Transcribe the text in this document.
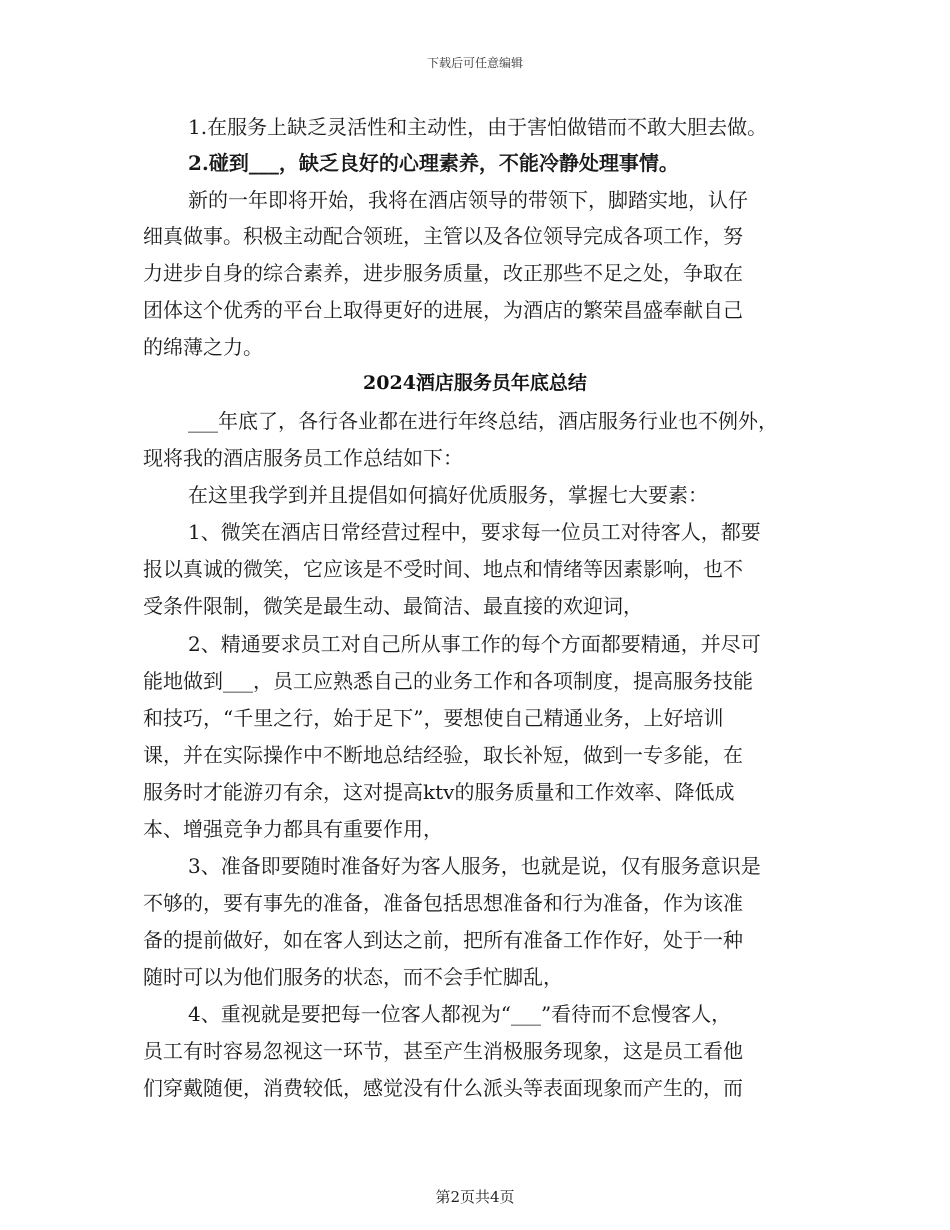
下载后可任意编辑
1.在服务上缺乏灵活性和主动性，由于害怕做错而不敢大胆去做。
2.碰到___，缺乏良好的心理素养，不能冷静处理事情。
新的一年即将开始，我将在酒店领导的带领下，脚踏实地，认仔
细真做事。积极主动配合领班，主管以及各位领导完成各项工作，努
力进步自身的综合素养，进步服务质量，改正那些不足之处，争取在
团体这个优秀的平台上取得更好的进展，为酒店的繁荣昌盛奉献自己
的绵薄之力。
2024酒店服务员年底总结
___年底了，各行各业都在进行年终总结，酒店服务行业也不例外，
现将我的酒店服务员工作总结如下：
在这里我学到并且提倡如何搞好优质服务，掌握七大要素：
1、微笑在酒店日常经营过程中，要求每一位员工对待客人，都要
报以真诚的微笑，它应该是不受时间、地点和情绪等因素影响，也不
受条件限制，微笑是最生动、最简洁、最直接的欢迎词，
2、精通要求员工对自己所从事工作的每个方面都要精通，并尽可
能地做到___，员工应熟悉自己的业务工作和各项制度，提高服务技能
和技巧，“千里之行，始于足下”，要想使自己精通业务，上好培训
课，并在实际操作中不断地总结经验，取长补短，做到一专多能，在
服务时才能游刃有余，这对提高ktv的服务质量和工作效率、降低成
本、增强竞争力都具有重要作用，
3、准备即要随时准备好为客人服务，也就是说，仅有服务意识是
不够的，要有事先的准备，准备包括思想准备和行为准备，作为该准
备的提前做好，如在客人到达之前，把所有准备工作作好，处于一种
随时可以为他们服务的状态，而不会手忙脚乱，
4、重视就是要把每一位客人都视为“___”看待而不怠慢客人，
员工有时容易忽视这一环节，甚至产生消极服务现象，这是员工看他
们穿戴随便，消费较低，感觉没有什么派头等表面现象而产生的，而
第2页共4页
